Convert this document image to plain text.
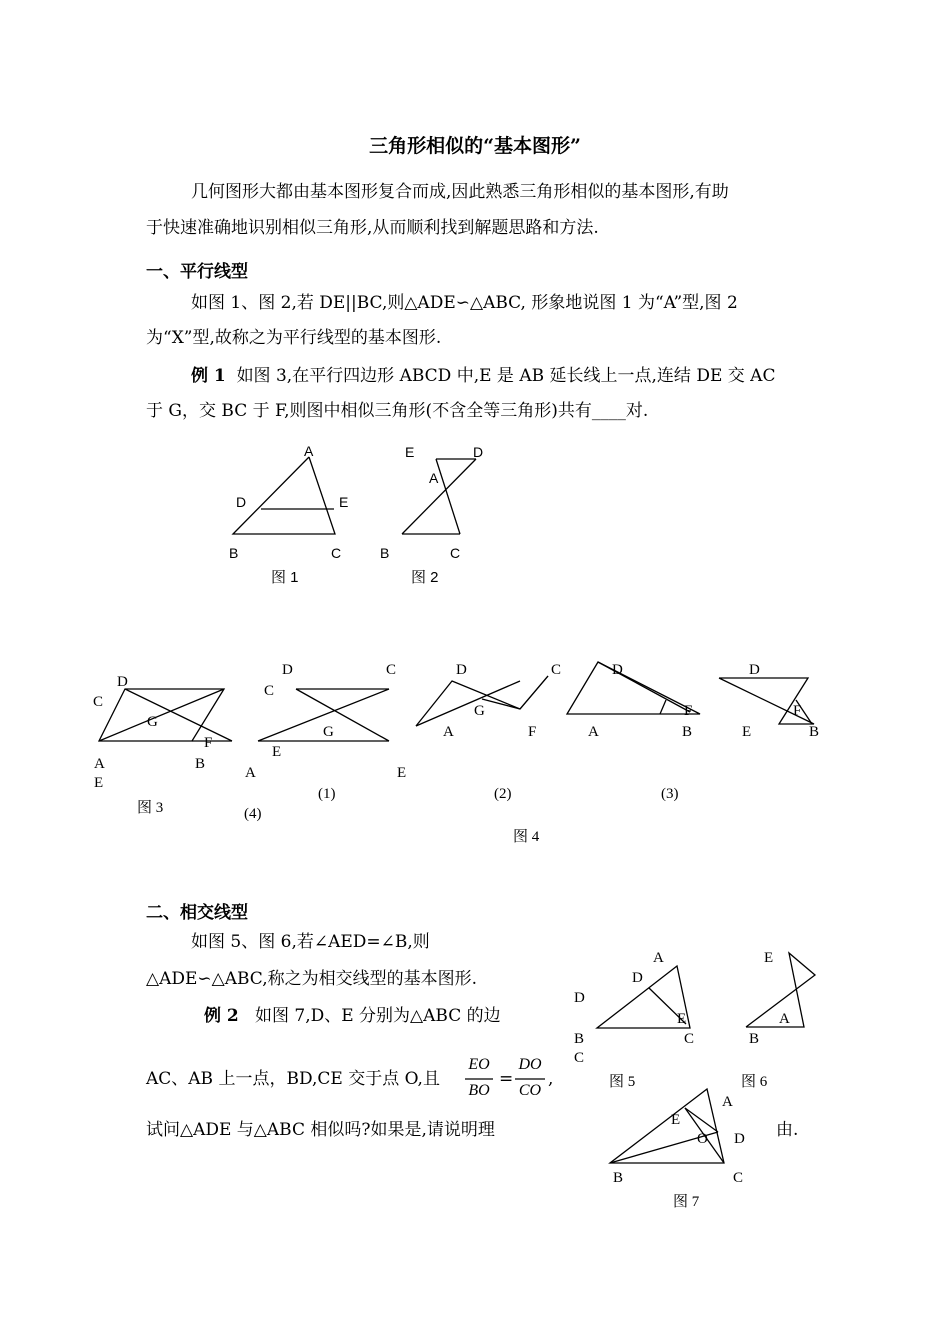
三角形相似的“基本图形”
几何图形大都由基本图形复合而成,因此熟悉三角形相似的基本图形,有助
于快速准确地识别相似三角形,从而顺利找到解题思路和方法.
一、平行线型
如图 1、图 2,若 DE||BC,则△ADE∽△ABC, 形象地说图 1 为“A”型,图 2
为“X”型,故称之为平行线型的基本图形.
例 1 如图 3,在平行四边形 ABCD 中,E 是 AB 延长线上一点,连结 DE 交 AC
于 G，交 BC 于 F,则图中相似三角形(不含全等三角形)共有____对.
A
D	E
B	C
图 1
E	D
A
B	C
图 2
D
C
G
F
A
E
B
图 3
D	C
C
G
E
A	E
(1)
(4)
D	C
G
A	F
(2)
D
F
A	B
(3)
D
F
E	B
图 4
二、相交线型
如图 5、图 6,若∠AED=∠B,则
△ADE∽△ABC,称之为相交线型的基本图形.
例 2 如图 7,D、E 分别为△ABC 的边
AC、AB 上一点，BD,CE 交于点 O,且
EO
BO
=
DO
CO
,
试问△ADE 与△ABC 相似吗?如果是,请说明理	由.
A
D
D
E
B	C
C
图 5
E
A
B
图 6
A
E
O D
B	C
图 7
